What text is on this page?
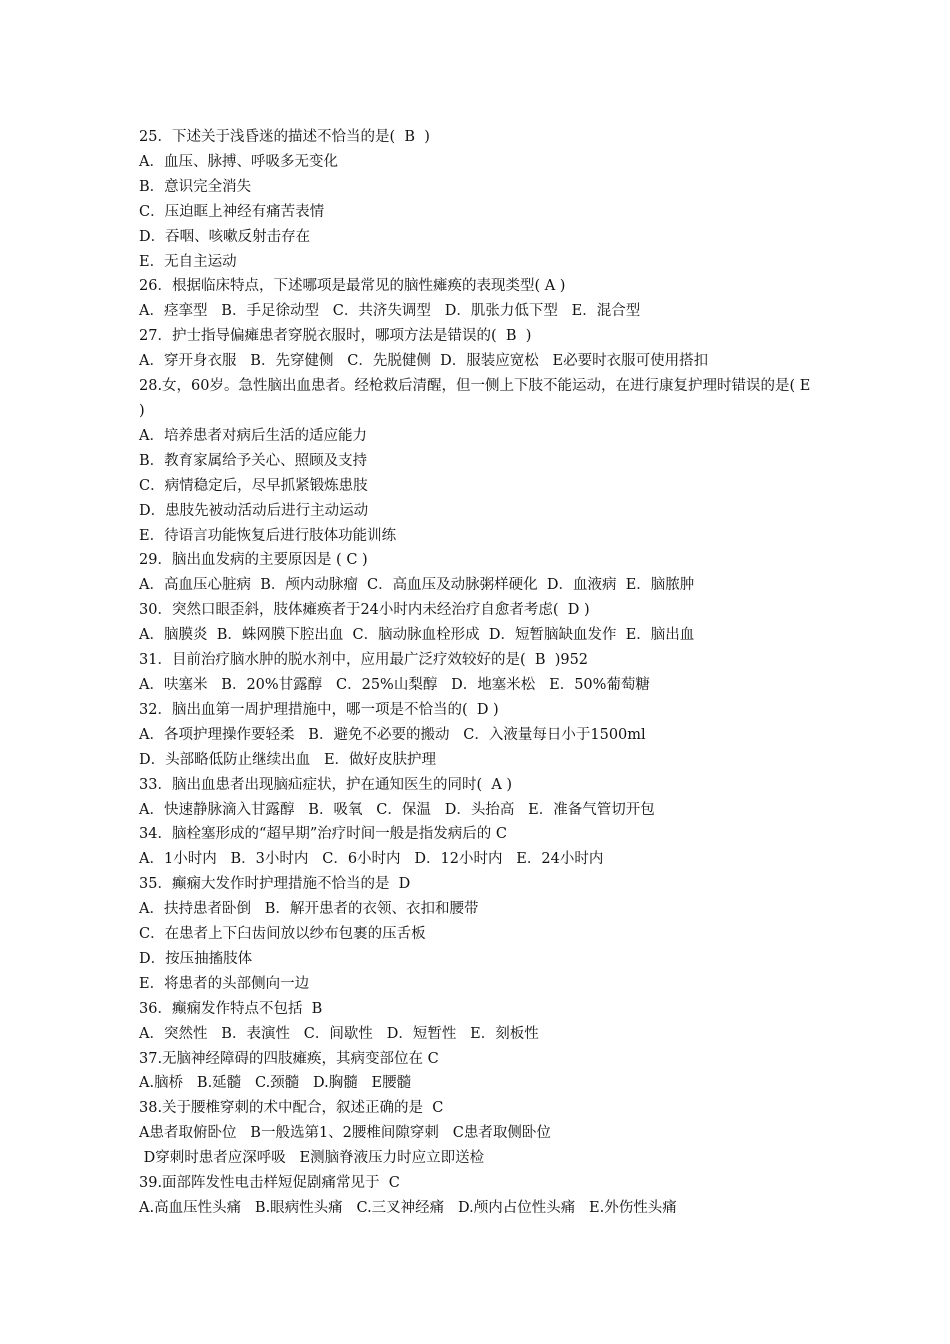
25．下述关于浅昏迷的描述不恰当的是(  B  )
A．血压、脉搏、呼吸多无变化
B．意识完全消失
C．压迫眶上神经有痛苦表情
D．吞咽、咳嗽反射击存在
E．无自主运动
26．根据临床特点，下述哪项是最常见的脑性瘫痪的表现类型( A )
A．痉挛型   B．手足徐动型   C．共济失调型   D．肌张力低下型   E．混合型
27．护士指导偏瘫患者穿脱衣服时，哪项方法是错误的(  B  )
A．穿开身衣服   B．先穿健侧   C．先脱健侧  D．服装应宽松   E必要时衣服可使用搭扣
28.女，60岁。急性脑出血患者。经枪救后清醒，但一侧上下肢不能运动，在进行康复护理时错误的是( E )
A．培养患者对病后生活的适应能力
B．教育家属给予关心、照顾及支持
C．病情稳定后，尽早抓紧锻炼患肢
D．患肢先被动活动后进行主动运动
E．待语言功能恢复后进行肢体功能训练
29．脑出血发病的主要原因是 ( C )
A．高血压心脏病  B．颅内动脉瘤  C．高血压及动脉粥样硬化  D．血液病  E．脑脓肿
30．突然口眼歪斜，肢体瘫痪者于24小时内未经治疗自愈者考虑(  D )
A．脑膜炎  B．蛛网膜下腔出血  C．脑动脉血栓形成  D．短暂脑缺血发作  E．脑出血
31．目前治疗脑水肿的脱水剂中，应用最广泛疗效较好的是(  B  )952
A．呋塞米   B．20%甘露醇   C．25%山梨醇   D．地塞米松   E．50%葡萄糖
32．脑出血第一周护理措施中，哪一项是不恰当的(  D )
A．各项护理操作要轻柔   B．避免不必要的搬动   C．入液量每日小于1500ml
D．头部略低防止继续出血   E．做好皮肤护理
33．脑出血患者出现脑疝症状，护在通知医生的同时(  A )
A．快速静脉滴入甘露醇   B．吸氧   C．保温   D．头抬高   E．准备气管切开包
34．脑栓塞形成的“超早期”治疗时间一般是指发病后的 C
A．1小时内   B．3小时内   C．6小时内   D．12小时内   E．24小时内
35．癫痫大发作时护理措施不恰当的是  D
A．扶持患者卧倒   B．解开患者的衣领、衣扣和腰带
C．在患者上下臼齿间放以纱布包裹的压舌板
D．按压抽搐肢体
E．将患者的头部侧向一边
36．癫痫发作特点不包括  B
A．突然性   B．表演性   C．间歇性   D．短暂性   E．刻板性
37.无脑神经障碍的四肢瘫痪，其病变部位在 C
A.脑桥   B.延髓   C.颈髓   D.胸髓   E腰髓
38.关于腰椎穿刺的术中配合，叙述正确的是  C
A患者取俯卧位   B一般选第1、2腰椎间隙穿刺   C患者取侧卧位
D穿刺时患者应深呼吸   E测脑脊液压力时应立即送检
39.面部阵发性电击样短促剧痛常见于  C
A.高血压性头痛   B.眼病性头痛   C.三叉神经痛   D.颅内占位性头痛   E.外伤性头痛
